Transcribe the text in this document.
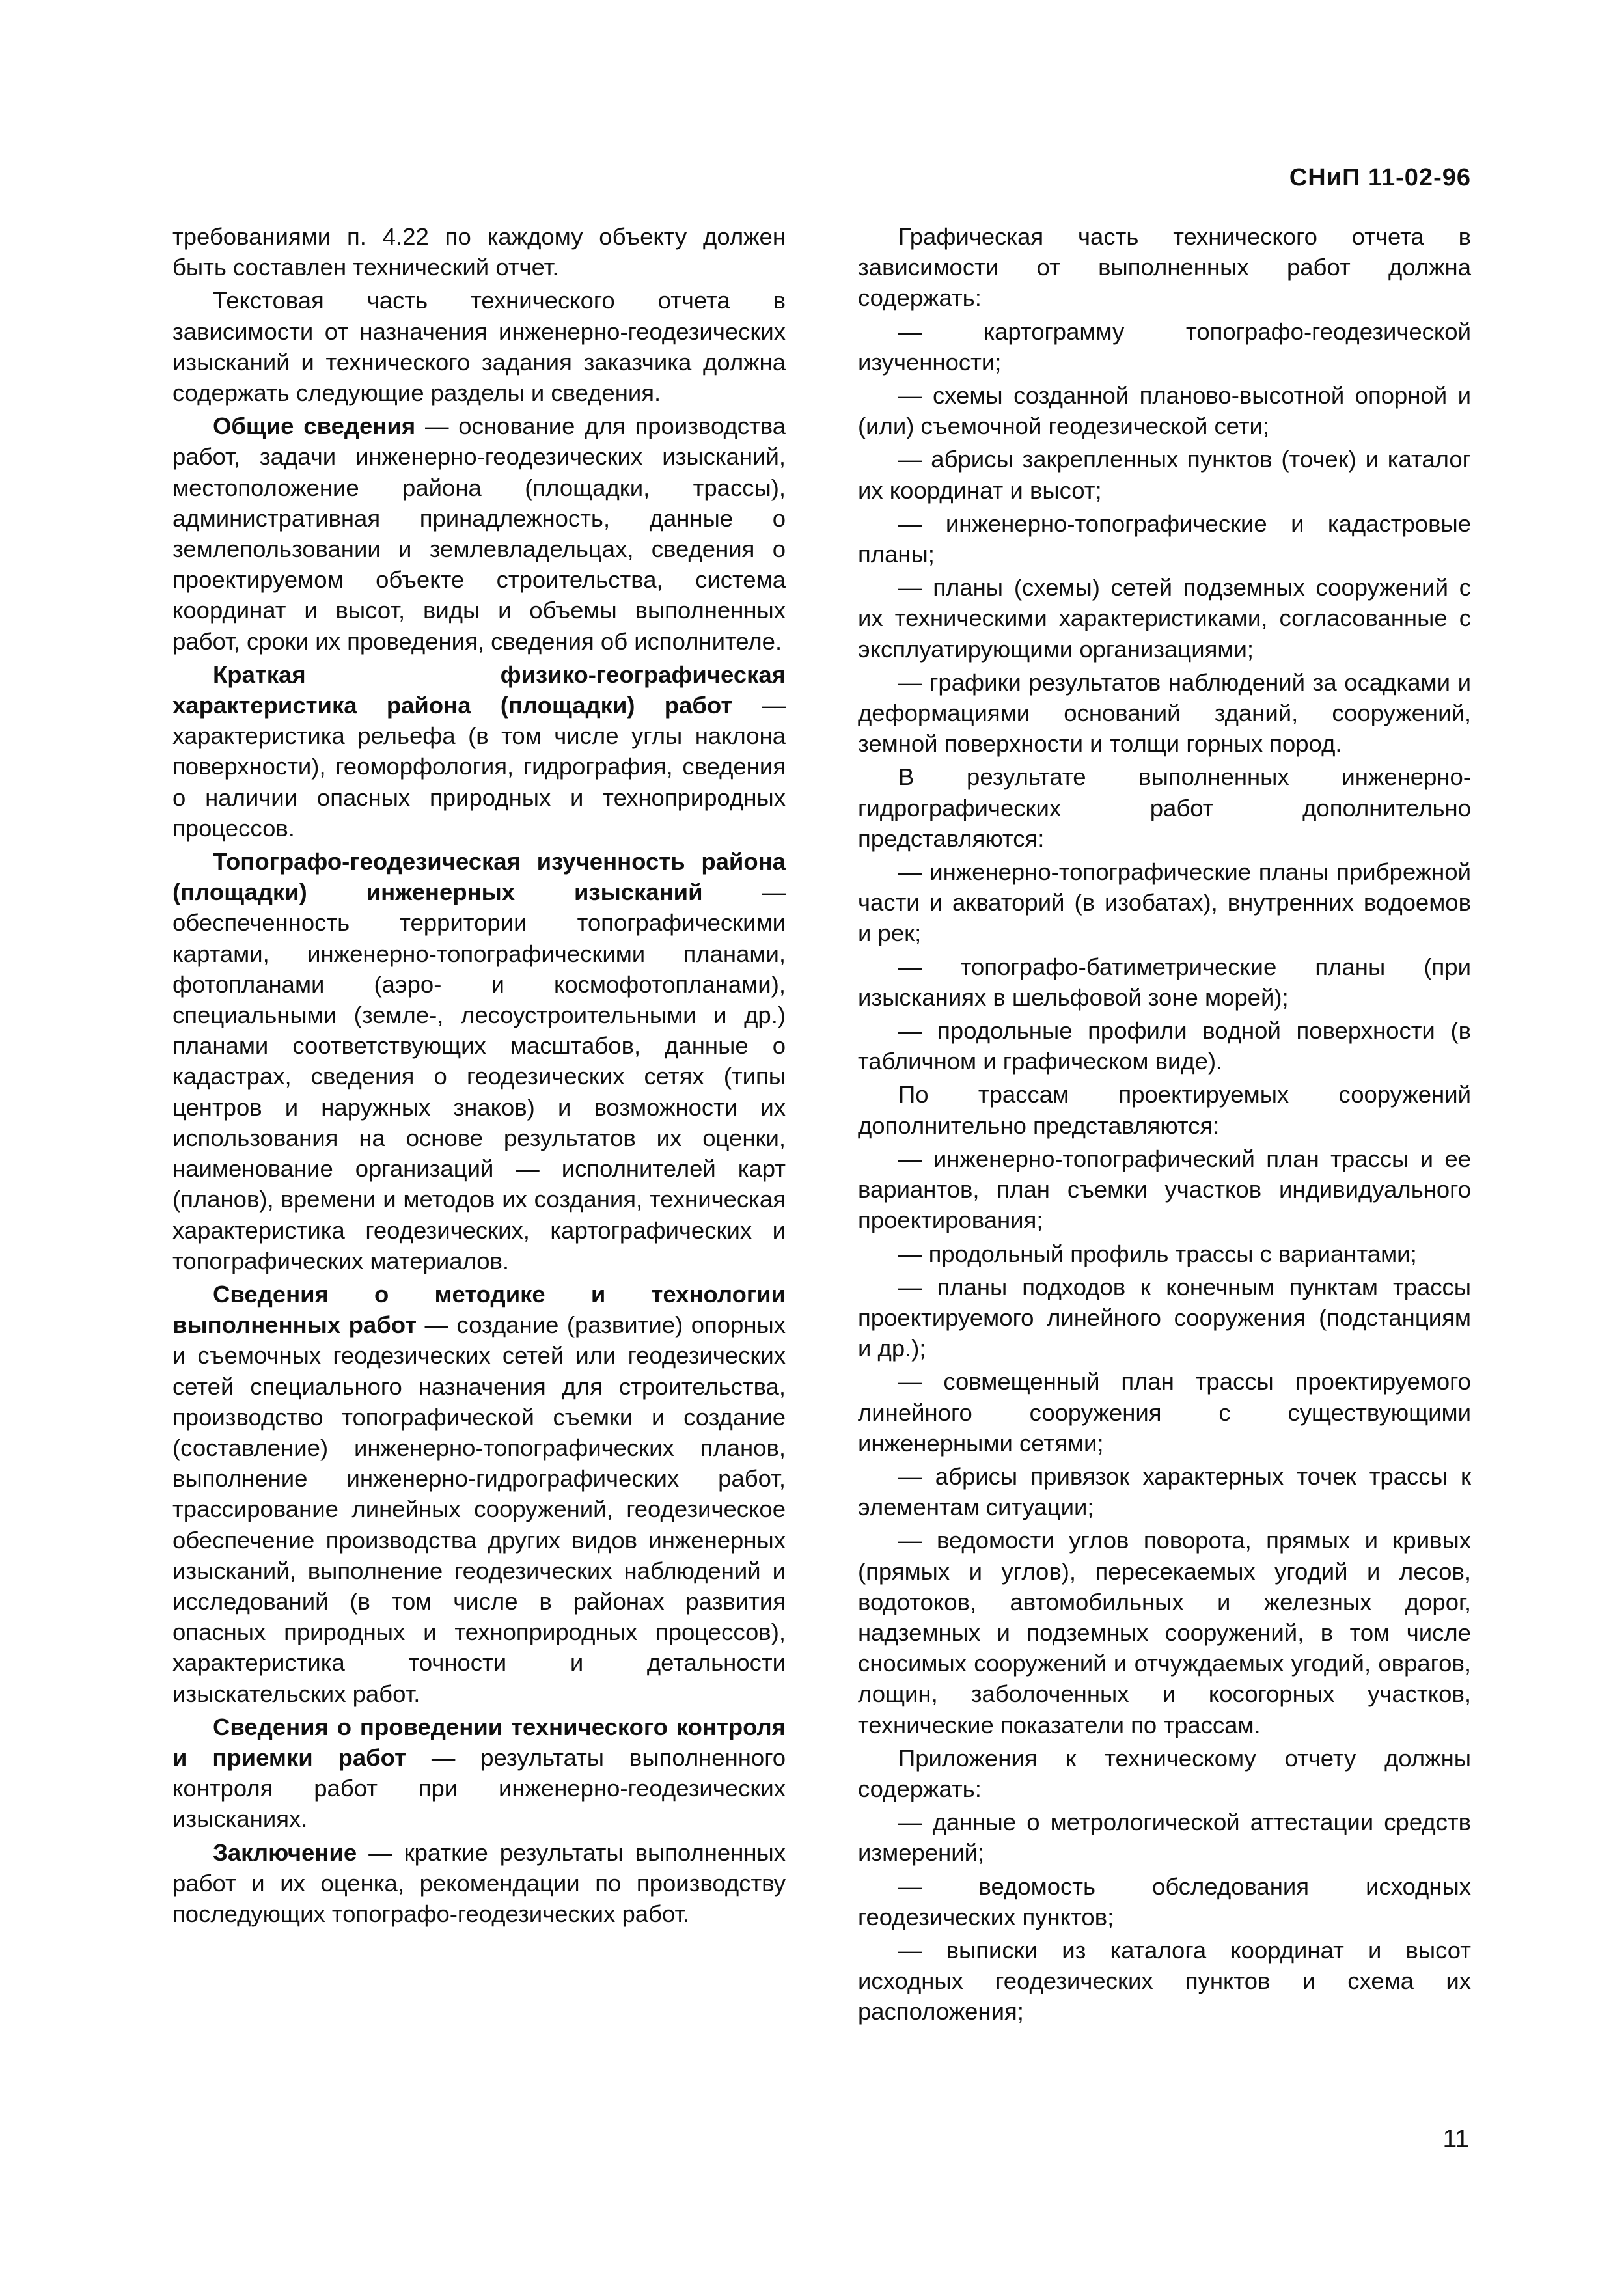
СНиП 11-02-96

требованиями п. 4.22 по каждому объекту должен быть составлен технический отчет.

Текстовая часть технического отчета в зависимости от назначения инженерно-геодезических изысканий и технического задания заказчика должна содержать следующие разделы и сведения.

Общие сведения — основание для производства работ, задачи инженерно-геодезических изысканий, местоположение района (площадки, трассы), административная принадлежность, данные о землепользовании и землевладельцах, сведения о проектируемом объекте строительства, система координат и высот, виды и объемы выполненных работ, сроки их проведения, сведения об исполнителе.

Краткая физико-географическая характеристика района (площадки) работ — характеристика рельефа (в том числе углы наклона поверхности), геоморфология, гидрография, сведения о наличии опасных природных и техноприродных процессов.

Топографо-геодезическая изученность района (площадки) инженерных изысканий — обеспеченность территории топографическими картами, инженерно-топографическими планами, фотопланами (аэро- и космофотопланами), специальными (земле-, лесоустроительными и др.) планами соответствующих масштабов, данные о кадастрах, сведения о геодезических сетях (типы центров и наружных знаков) и возможности их использования на основе результатов их оценки, наименование организаций — исполнителей карт (планов), времени и методов их создания, техническая характеристика геодезических, картографических и топографических материалов.

Сведения о методике и технологии выполненных работ — создание (развитие) опорных и съемочных геодезических сетей или геодезических сетей специального назначения для строительства, производство топографической съемки и создание (составление) инженерно-топографических планов, выполнение инженерно-гидрографических работ, трассирование линейных сооружений, геодезическое обеспечение производства других видов инженерных изысканий, выполнение геодезических наблюдений и исследований (в том числе в районах развития опасных природных и техноприродных процессов), характеристика точности и детальности изыскательских работ.

Сведения о проведении технического контроля и приемки работ — результаты выполненного контроля работ при инженерно-геодезических изысканиях.

Заключение — краткие результаты выполненных работ и их оценка, рекомендации по производству последующих топографо-геодезических работ.

Графическая часть технического отчета в зависимости от выполненных работ должна содержать:

— картограмму топографо-геодезической изученности;

— схемы созданной планово-высотной опорной и (или) съемочной геодезической сети;

— абрисы закрепленных пунктов (точек) и каталог их координат и высот;

— инженерно-топографические и кадастровые планы;

— планы (схемы) сетей подземных сооружений с их техническими характеристиками, согласованные с эксплуатирующими организациями;

— графики результатов наблюдений за осадками и деформациями оснований зданий, сооружений, земной поверхности и толщи горных пород.

В результате выполненных инженерно-гидрографических работ дополнительно представляются:

— инженерно-топографические планы прибрежной части и акваторий (в изобатах), внутренних водоемов и рек;

— топографо-батиметрические планы (при изысканиях в шельфовой зоне морей);

— продольные профили водной поверхности (в табличном и графическом виде).

По трассам проектируемых сооружений дополнительно представляются:

— инженерно-топографический план трассы и ее вариантов, план съемки участков индивидуального проектирования;

— продольный профиль трассы с вариантами;

— планы подходов к конечным пунктам трассы проектируемого линейного сооружения (подстанциям и др.);

— совмещенный план трассы проектируемого линейного сооружения с существующими инженерными сетями;

— абрисы привязок характерных точек трассы к элементам ситуации;

— ведомости углов поворота, прямых и кривых (прямых и углов), пересекаемых угодий и лесов, водотоков, автомобильных и железных дорог, надземных и подземных сооружений, в том числе сносимых сооружений и отчуждаемых угодий, оврагов, лощин, заболоченных и косогорных участков, технические показатели по трассам.

Приложения к техническому отчету должны содержать:

— данные о метрологической аттестации средств измерений;

— ведомость обследования исходных геодезических пунктов;

— выписки из каталога координат и высот исходных геодезических пунктов и схема их расположения;

11
